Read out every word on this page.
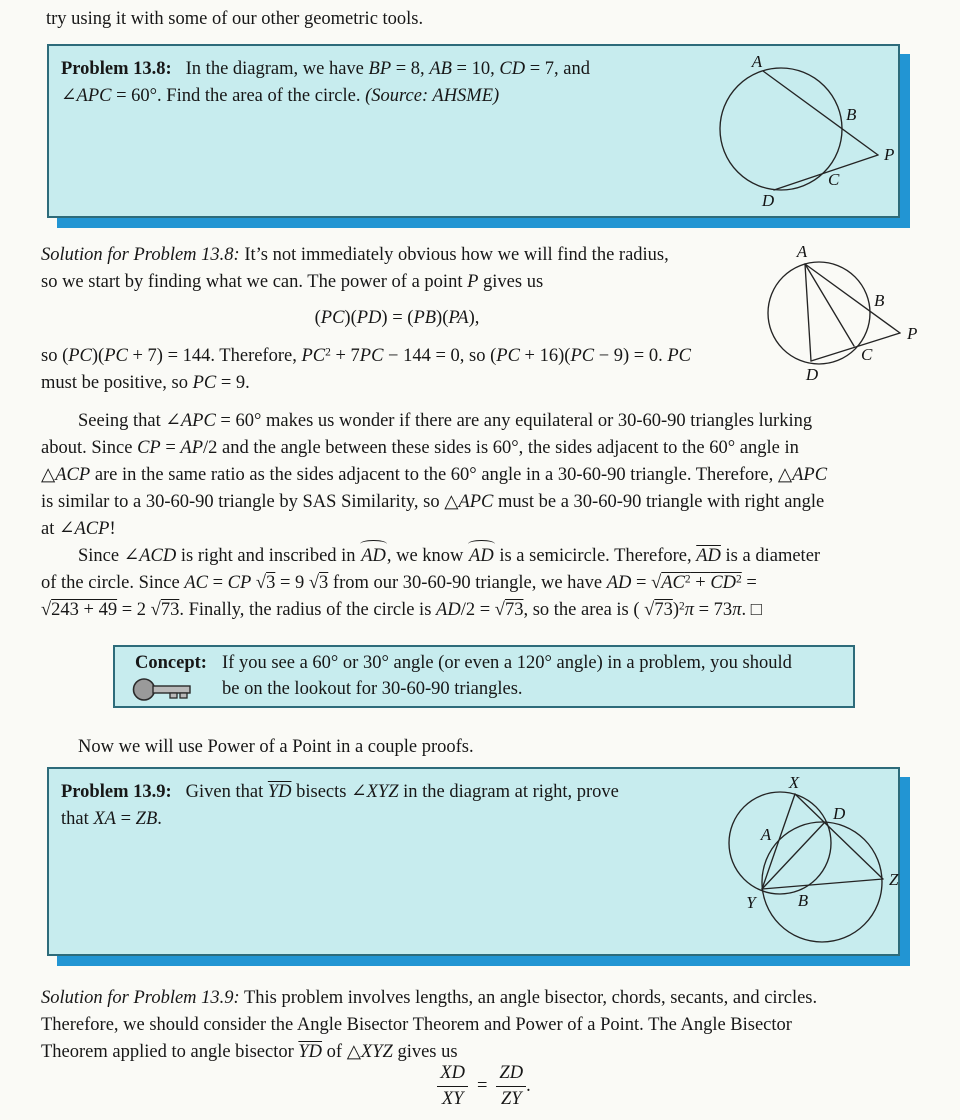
try using it with some of our other geometric tools.
Problem 13.8: In the diagram, we have BP = 8, AB = 10, CD = 7, and
∠APC = 60°. Find the area of the circle. (Source: AHSME)
A
B
P
C
D
Solution for Problem 13.8: It’s not immediately obvious how we will find the radius,
so we start by finding what we can. The power of a point P gives us
(PC)(PD) = (PB)(PA),
so (PC)(PC + 7) = 144. Therefore, $PC^2 + 7PC - 144 = 0$, so (PC + 16)(PC − 9) = 0. PC
must be positive, so PC = 9.
A
B
P
C
D
Seeing that ∠APC = 60° makes us wonder if there are any equilateral or 30-60-90 triangles lurking
about. Since CP = AP/2 and the angle between these sides is 60°, the sides adjacent to the 60° angle in
△ACP are in the same ratio as the sides adjacent to the 60° angle in a 30-60-90 triangle. Therefore, △APC
is similar to a 30-60-90 triangle by SAS Similarity, so △APC must be a 30-60-90 triangle with right angle
at ∠ACP!
Since ∠ACD is right and inscribed in AD, we know AD is a semicircle. Therefore, $\overline{AD}$ is a diameter
of the circle. Since AC = CP √3 = 9 √3 from our 30-60-90 triangle, we have AD = $√AC^2 + CD^2$ =
√243 + 49 = 2 √73. Finally, the radius of the circle is AD/2 = √73, so the area is ( √73)$^2$π = 73π. □
Concept: If you see a 60° or 30° angle (or even a 120° angle) in a problem, you should
be on the lookout for 30-60-90 triangles.
Now we will use Power of a Point in a couple proofs.
Problem 13.9: Given that $\overline{YD}$ bisects ∠XYZ in the diagram at right, prove
that XA = ZB.
X
D
A
Y B
Z
Solution for Problem 13.9: This problem involves lengths, an angle bisector, chords, secants, and circles.
Therefore, we should consider the Angle Bisector Theorem and Power of a Point. The Angle Bisector
Theorem applied to angle bisector $\overline{YD}$ of △XYZ gives us
$\frac{XD}{XY} = \frac{ZD}{ZY}$ .
